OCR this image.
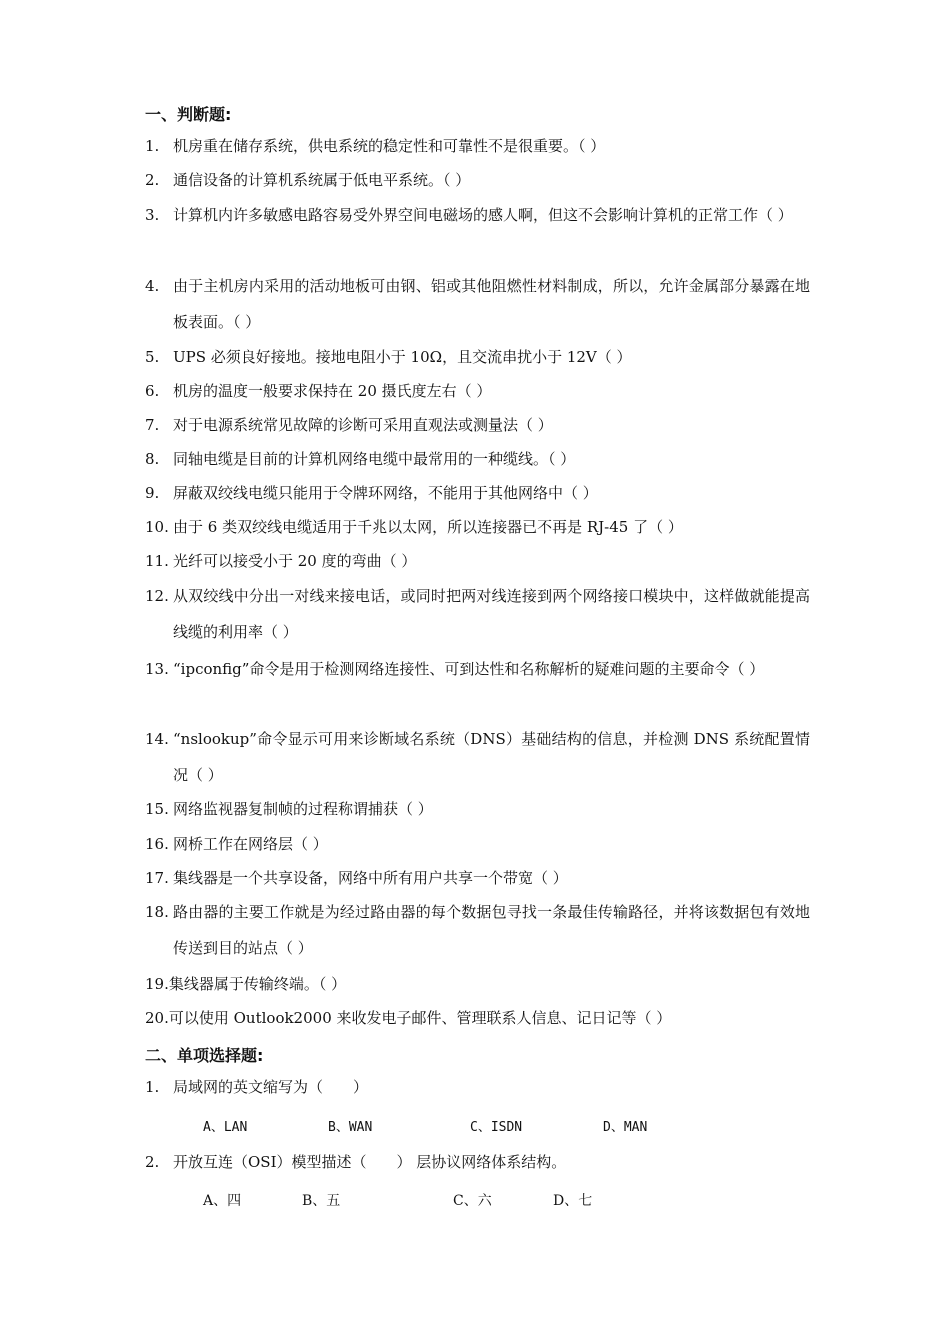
一、判断题:
1. 机房重在储存系统，供电系统的稳定性和可靠性不是很重要。（ ）
2. 通信设备的计算机系统属于低电平系统。（ ）
3. 计算机内许多敏感电路容易受外界空间电磁场的感人啊，但这不会影响计算机的正常工作（ ）
4. 由于主机房内采用的活动地板可由钢、铝或其他阻燃性材料制成，所以，允许金属部分暴露在地板表面。（ ）
5. UPS 必须良好接地。接地电阻小于 10Ω，且交流串扰小于 12V（ ）
6. 机房的温度一般要求保持在 20 摄氏度左右（ ）
7. 对于电源系统常见故障的诊断可采用直观法或测量法（ ）
8. 同轴电缆是目前的计算机网络电缆中最常用的一种缆线。（ ）
9. 屏蔽双绞线电缆只能用于令牌环网络，不能用于其他网络中（ ）
10. 由于 6 类双绞线电缆适用于千兆以太网，所以连接器已不再是 RJ-45 了（ ）
11. 光纤可以接受小于 20 度的弯曲（ ）
12. 从双绞线中分出一对线来接电话，或同时把两对线连接到两个网络接口模块中，这样做就能提高线缆的利用率（ ）
13. “ipconfig”命令是用于检测网络连接性、可到达性和名称解析的疑难问题的主要命令（ ）
14. “nslookup”命令显示可用来诊断域名系统（DNS）基础结构的信息，并检测 DNS 系统配置情况（ ）
15. 网络监视器复制帧的过程称谓捕获（ ）
16. 网桥工作在网络层（ ）
17. 集线器是一个共享设备，网络中所有用户共享一个带宽（ ）
18. 路由器的主要工作就是为经过路由器的每个数据包寻找一条最佳传输路径，并将该数据包有效地传送到目的站点（ ）
19.集线器属于传输终端。（ ）
20.可以使用 Outlook2000 来收发电子邮件、管理联系人信息、记日记等（ ）
二、单项选择题:
1. 局域网的英文缩写为（　　）
A、LAN	B、WAN	C、ISDN	D、MAN
2. 开放互连（OSI）模型描述（　　） 层协议网络体系结构。
A、四	B、五	C、六	D、七
